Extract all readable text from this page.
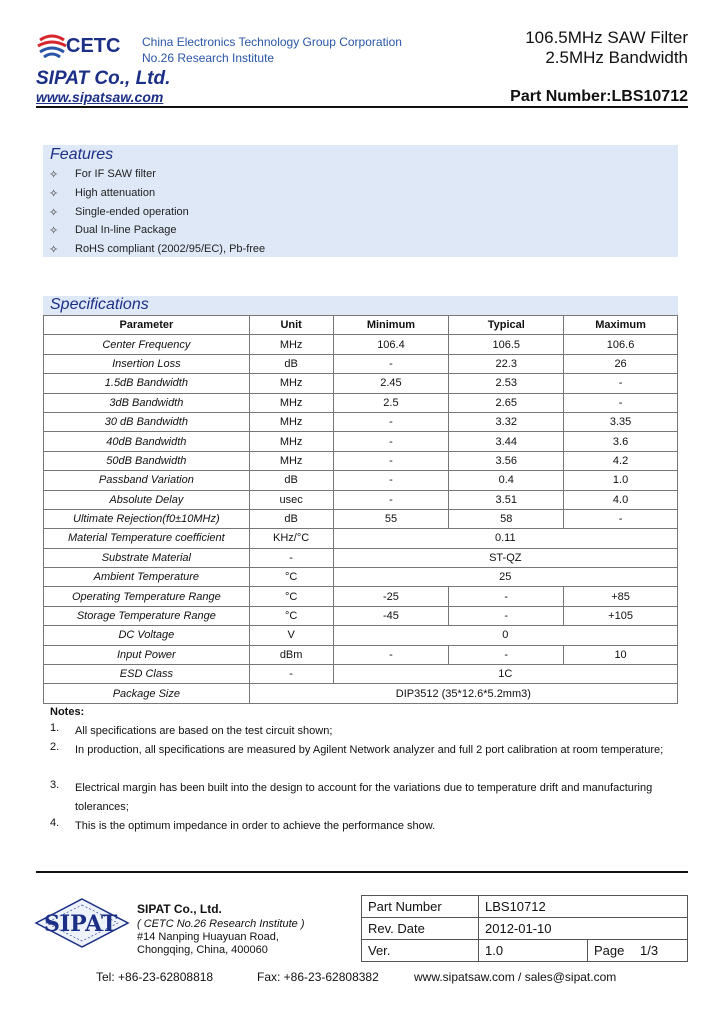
CETC China Electronics Technology Group Corporation
No.26 Research Institute
106.5MHz SAW Filter
2.5MHz Bandwidth
SIPAT Co., Ltd.
www.sipatsaw.com	Part Number:LBS10712
Features
✧ For IF SAW filter
✧ High attenuation
✧ Single-ended operation
✧ Dual In-line Package
✧ RoHS compliant (2002/95/EC), Pb-free
Specifications
Parameter	Unit	Minimum	Typical	Maximum
Center Frequency	MHz	106.4	106.5	106.6
Insertion Loss	dB	-	22.3	26
1.5dB Bandwidth	MHz	2.45	2.53	-
3dB Bandwidth	MHz	2.5	2.65	-
30 dB Bandwidth	MHz	-	3.32	3.35
40dB Bandwidth	MHz	-	3.44	3.6
50dB Bandwidth	MHz	-	3.56	4.2
Passband Variation	dB	-	0.4	1.0
Absolute Delay	usec	-	3.51	4.0
Ultimate Rejection(f0±10MHz)	dB	55	58	-
Material Temperature coefficient	KHz/°C	0.11		
Substrate Material	-	ST-QZ		
Ambient Temperature	°C	25		
Operating Temperature Range	°C	-25	-	+85
Storage Temperature Range	°C	-45	-	+105
DC Voltage	V	0		
Input Power	dBm	-	-	10
ESD Class	-	1C		
Package Size	DIP3512 (35*12.6*5.2mm3)			
Notes:
1. All specifications are based on the test circuit shown;
2. In production, all specifications are measured by Agilent Network analyzer and full 2 port calibration at room temperature;
3. Electrical margin has been built into the design to account for the variations due to temperature drift and manufacturing tolerances;
4. This is the optimum impedance in order to achieve the performance show.
SIPAT
SIPAT Co., Ltd.
( CETC No.26 Research Institute )
#14 Nanping Huayuan Road,
Chongqing, China, 400060
Part Number	LBS10712	
Rev. Date	2012-01-10	
Ver.	1.0	Page 1/3
Tel: +86-23-62808818	Fax: +86-23-62808382	www.sipatsaw.com / sales@sipat.com
